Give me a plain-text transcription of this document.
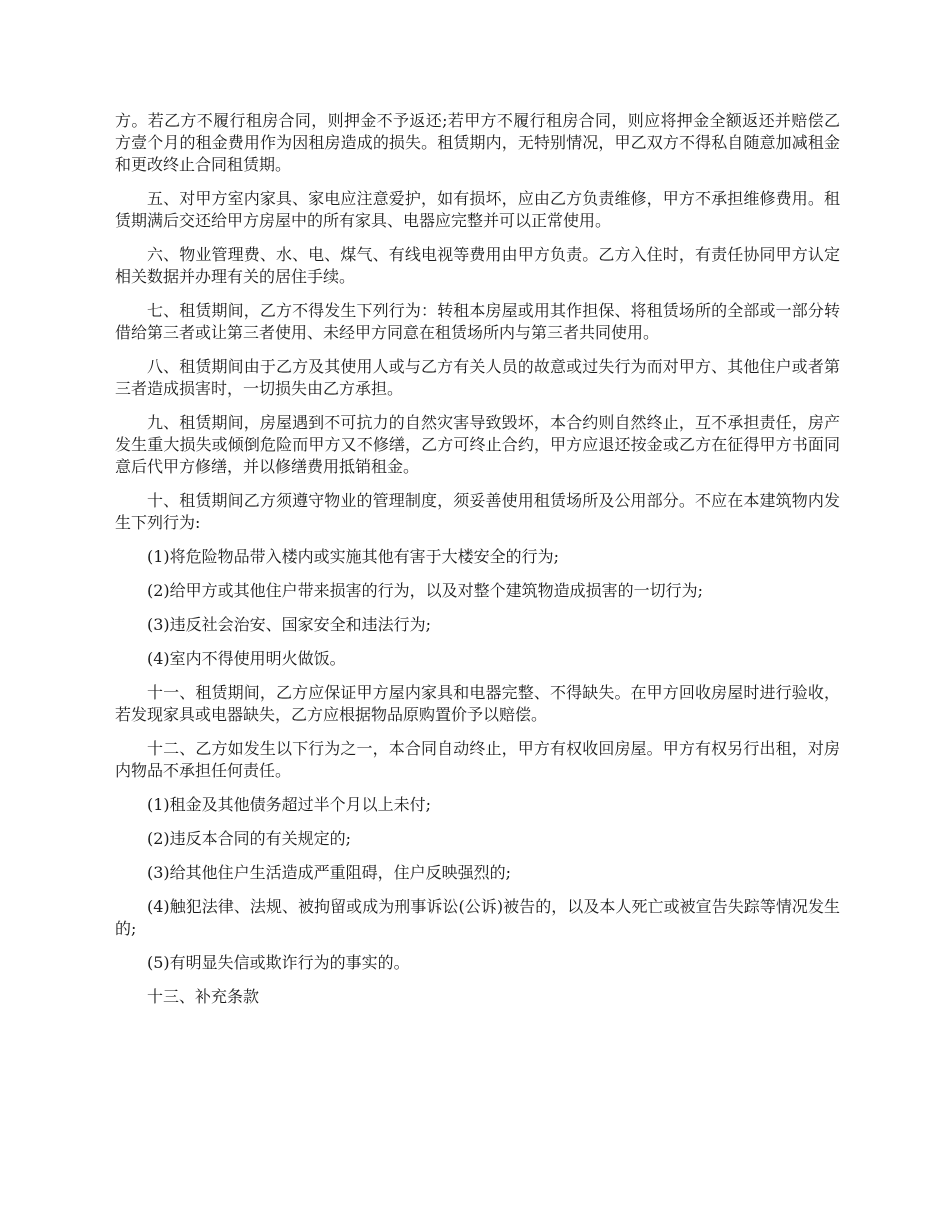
方。若乙方不履行租房合同，则押金不予返还;若甲方不履行租房合同，则应将押金全额返还并赔偿乙方壹个月的租金费用作为因租房造成的损失。租赁期内，无特别情况，甲乙双方不得私自随意加减租金和更改终止合同租赁期。

五、对甲方室内家具、家电应注意爱护，如有损坏，应由乙方负责维修，甲方不承担维修费用。租赁期满后交还给甲方房屋中的所有家具、电器应完整并可以正常使用。

六、物业管理费、水、电、煤气、有线电视等费用由甲方负责。乙方入住时，有责任协同甲方认定相关数据并办理有关的居住手续。

七、租赁期间，乙方不得发生下列行为：转租本房屋或用其作担保、将租赁场所的全部或一部分转借给第三者或让第三者使用、未经甲方同意在租赁场所内与第三者共同使用。

八、租赁期间由于乙方及其使用人或与乙方有关人员的故意或过失行为而对甲方、其他住户或者第三者造成损害时，一切损失由乙方承担。

九、租赁期间，房屋遇到不可抗力的自然灾害导致毁坏，本合约则自然终止，互不承担责任，房产发生重大损失或倾倒危险而甲方又不修缮，乙方可终止合约，甲方应退还按金或乙方在征得甲方书面同意后代甲方修缮，并以修缮费用抵销租金。

十、租赁期间乙方须遵守物业的管理制度，须妥善使用租赁场所及公用部分。不应在本建筑物内发生下列行为:

(1)将危险物品带入楼内或实施其他有害于大楼安全的行为;

(2)给甲方或其他住户带来损害的行为，以及对整个建筑物造成损害的一切行为;

(3)违反社会治安、国家安全和违法行为;

(4)室内不得使用明火做饭。

十一、租赁期间，乙方应保证甲方屋内家具和电器完整、不得缺失。在甲方回收房屋时进行验收，若发现家具或电器缺失，乙方应根据物品原购置价予以赔偿。

十二、乙方如发生以下行为之一，本合同自动终止，甲方有权收回房屋。甲方有权另行出租，对房内物品不承担任何责任。

(1)租金及其他债务超过半个月以上未付;

(2)违反本合同的有关规定的;

(3)给其他住户生活造成严重阻碍，住户反映强烈的;

(4)触犯法律、法规、被拘留或成为刑事诉讼(公诉)被告的，以及本人死亡或被宣告失踪等情况发生的;

(5)有明显失信或欺诈行为的事实的。

十三、补充条款
